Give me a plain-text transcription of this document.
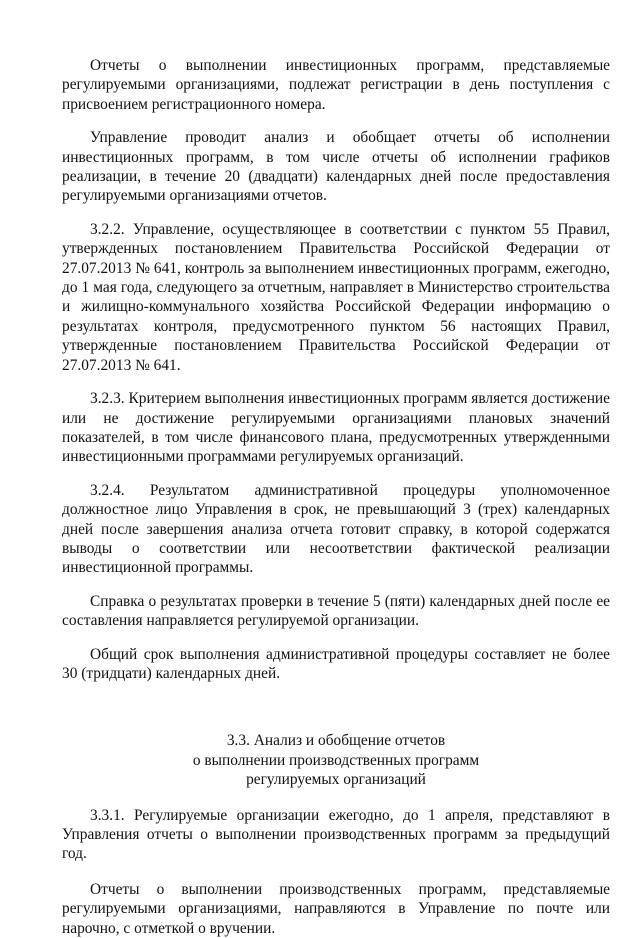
Отчеты о выполнении инвестиционных программ, представляемые регулируемыми организациями, подлежат регистрации в день поступления с присвоением регистрационного номера.

Управление проводит анализ и обобщает отчеты об исполнении инвестиционных программ, в том числе отчеты об исполнении графиков реализации, в течение 20 (двадцати) календарных дней после предоставления регулируемыми организациями отчетов.

3.2.2. Управление, осуществляющее в соответствии с пунктом 55 Правил, утвержденных постановлением Правительства Российской Федерации от 27.07.2013 № 641, контроль за выполнением инвестиционных программ, ежегодно, до 1 мая года, следующего за отчетным, направляет в Министерство строительства и жилищно-коммунального хозяйства Российской Федерации информацию о результатах контроля, предусмотренного пунктом 56 настоящих Правил, утвержденные постановлением Правительства Российской Федерации от 27.07.2013 № 641.

3.2.3. Критерием выполнения инвестиционных программ является достижение или не достижение регулируемыми организациями плановых значений показателей, в том числе финансового плана, предусмотренных утвержденными инвестиционными программами регулируемых организаций.

3.2.4. Результатом административной процедуры уполномоченное должностное лицо Управления в срок, не превышающий 3 (трех) календарных дней после завершения анализа отчета готовит справку, в которой содержатся выводы о соответствии или несоответствии фактической реализации инвестиционной программы.

Справка о результатах проверки в течение 5 (пяти) календарных дней после ее составления направляется регулируемой организации.

Общий срок выполнения административной процедуры составляет не более 30 (тридцати) календарных дней.

3.3. Анализ и обобщение отчетов
о выполнении производственных программ
регулируемых организаций

3.3.1. Регулируемые организации ежегодно, до 1 апреля, представляют в Управления отчеты о выполнении производственных программ за предыдущий год.

Отчеты о выполнении производственных программ, представляемые регулируемыми организациями, направляются в Управление по почте или нарочно, с отметкой о вручении.
